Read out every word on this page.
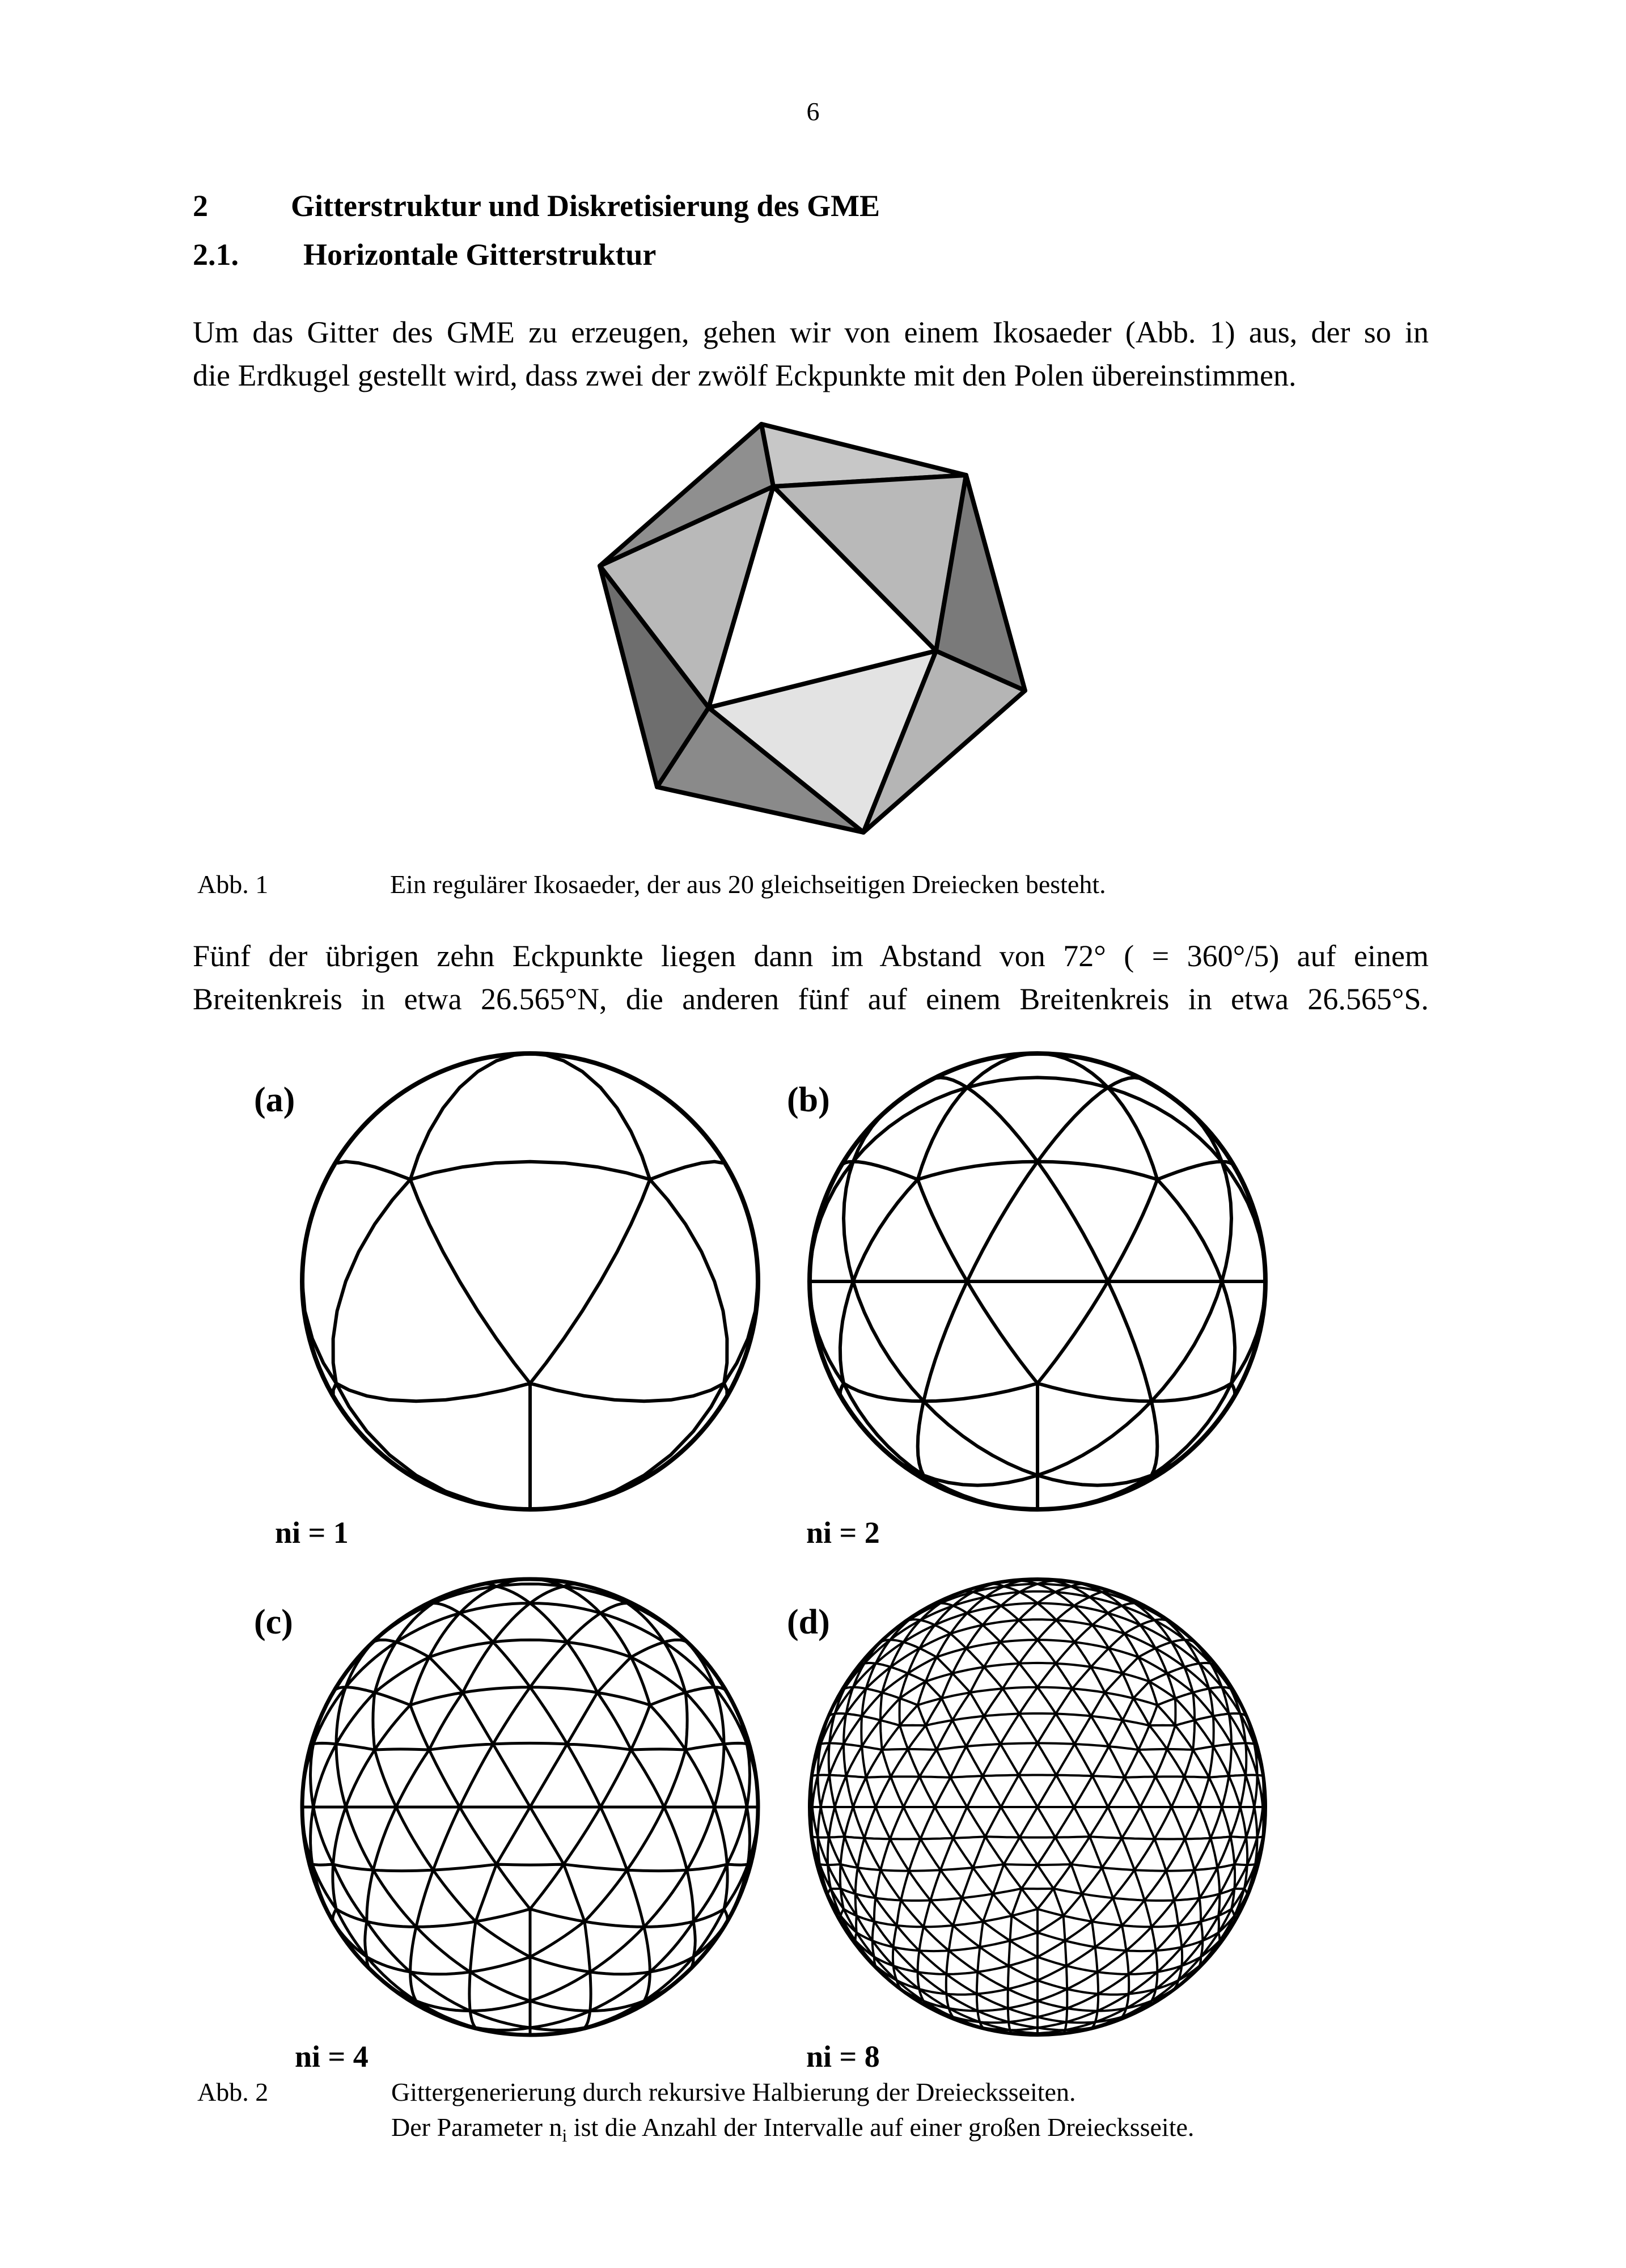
6
2	Gitterstruktur und Diskretisierung des GME
2.1. Horizontale Gitterstruktur
Um das Gitter des GME zu erzeugen, gehen wir von einem Ikosaeder (Abb. 1) aus, der so in
die Erdkugel gestellt wird, dass zwei der zwölf Eckpunkte mit den Polen übereinstimmen.
Abb. 1	Ein regulärer Ikosaeder, der aus 20 gleichseitigen Dreiecken besteht.
Fünf der übrigen zehn Eckpunkte liegen dann im Abstand von 72° ( = 360°/5) auf einem
Breitenkreis in etwa 26.565°N, die anderen fünf auf einem Breitenkreis in etwa 26.565°S.
(a)	(b)
(c)	(d)
ni = 1	ni = 2
ni = 4	ni = 8
Abb. 2	Gittergenerierung durch rekursive Halbierung der Dreiecksseiten.
Der Parameter $n_i$ ist die Anzahl der Intervalle auf einer großen Dreiecksseite.
